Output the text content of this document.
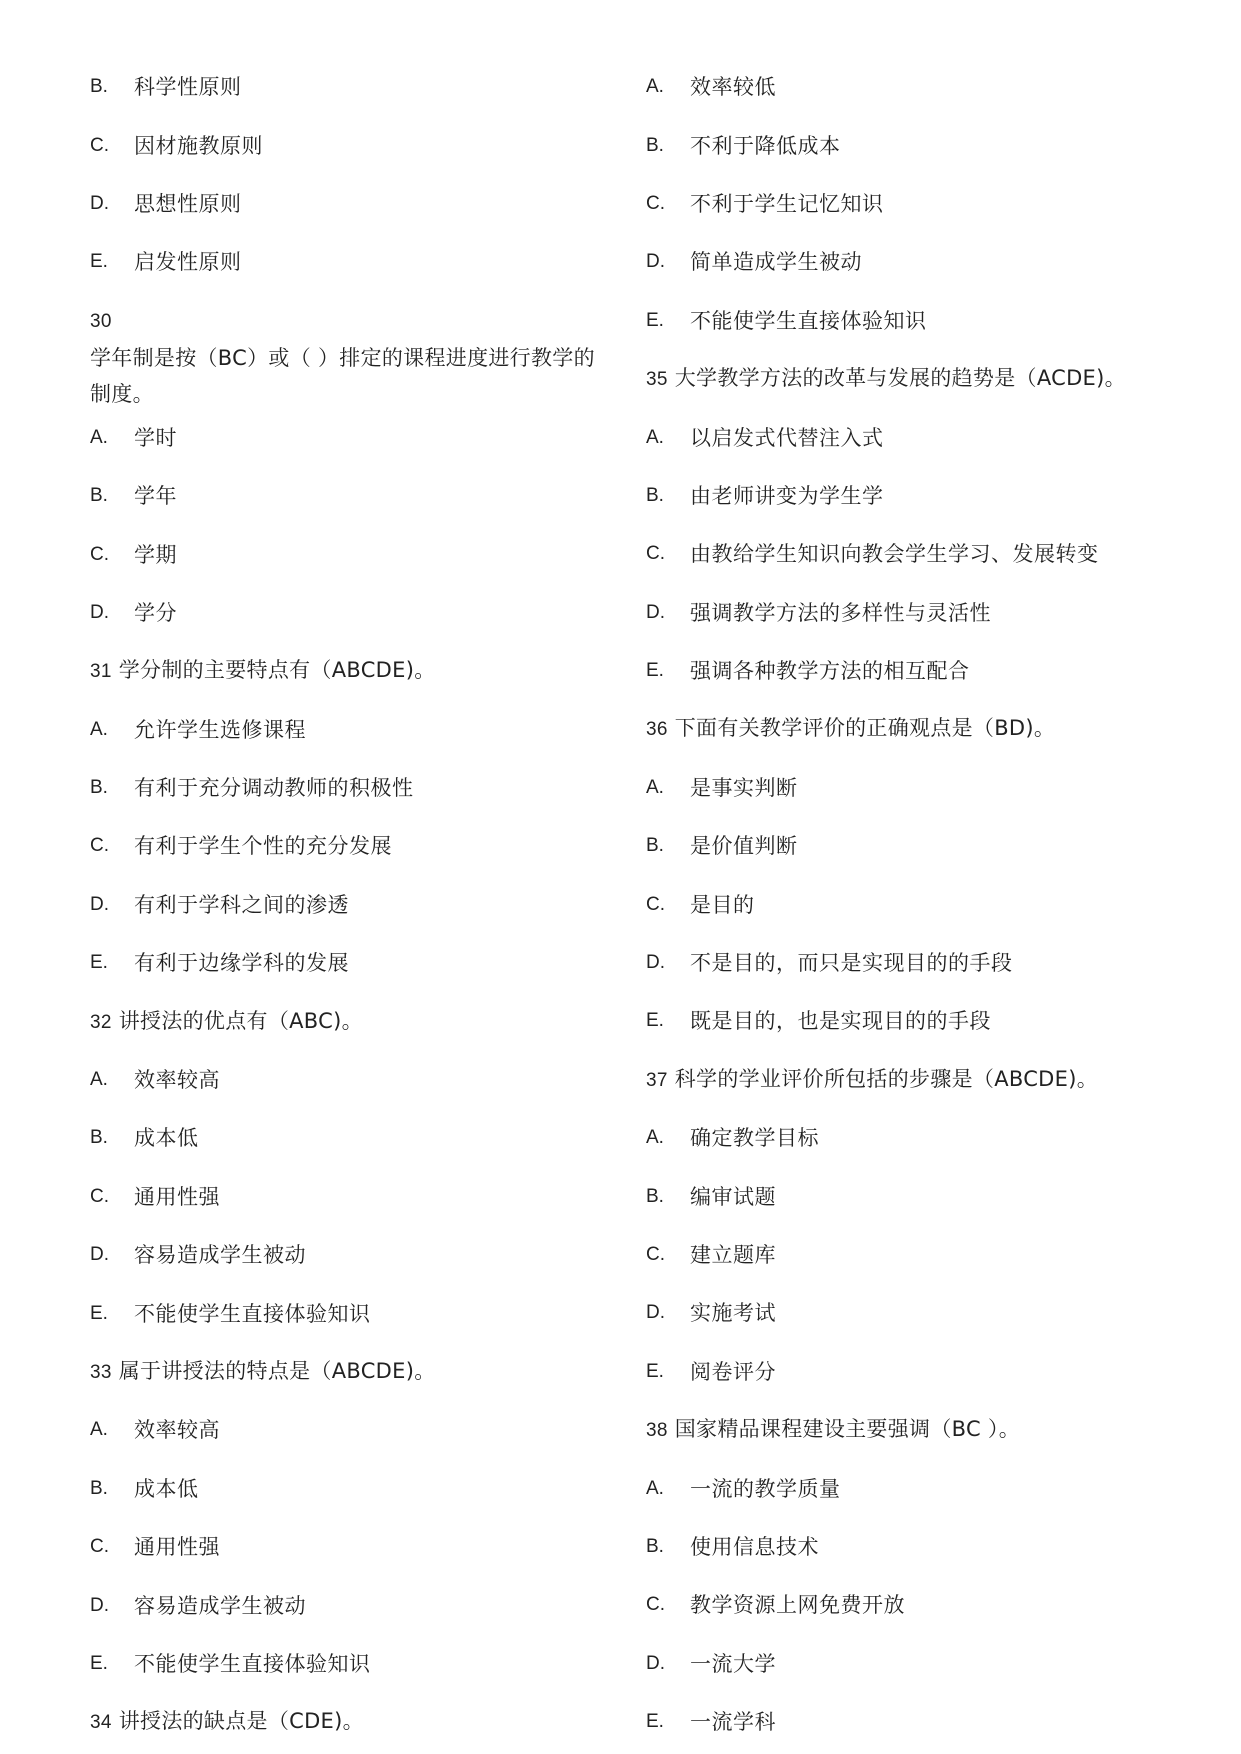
B.	科学性原则
C.	因材施教原则
D.	思想性原则
E.	启发性原则
30
学年制是按（BC）或（ ）排定的课程进度进行教学的制度。
A.	学时
B.	学年
C.	学期
D.	学分
31 学分制的主要特点有（ABCDE)。
A.	允许学生选修课程
B.	有利于充分调动教师的积极性
C.	有利于学生个性的充分发展
D.	有利于学科之间的渗透
E.	有利于边缘学科的发展
32 讲授法的优点有（ABC)。
A.	效率较高
B.	成本低
C.	通用性强
D.	容易造成学生被动
E.	不能使学生直接体验知识
33 属于讲授法的特点是（ABCDE)。
A.	效率较高
B.	成本低
C.	通用性强
D.	容易造成学生被动
E.	不能使学生直接体验知识
34 讲授法的缺点是（CDE)。
A.	效率较低
B.	不利于降低成本
C.	不利于学生记忆知识
D.	简单造成学生被动
E.	不能使学生直接体验知识
35 大学教学方法的改革与发展的趋势是（ACDE)。
A.	以启发式代替注入式
B.	由老师讲变为学生学
C.	由教给学生知识向教会学生学习、发展转变
D.	强调教学方法的多样性与灵活性
E.	强调各种教学方法的相互配合
36 下面有关教学评价的正确观点是（BD)。
A.	是事实判断
B.	是价值判断
C.	是目的
D.	不是目的，而只是实现目的的手段
E.	既是目的，也是实现目的的手段
37 科学的学业评价所包括的步骤是（ABCDE)。
A.	确定教学目标
B.	编审试题
C.	建立题库
D.	实施考试
E.	阅卷评分
38 国家精品课程建设主要强调（BC ）。
A.	一流的教学质量
B.	使用信息技术
C.	教学资源上网免费开放
D.	一流大学
E.	一流学科
